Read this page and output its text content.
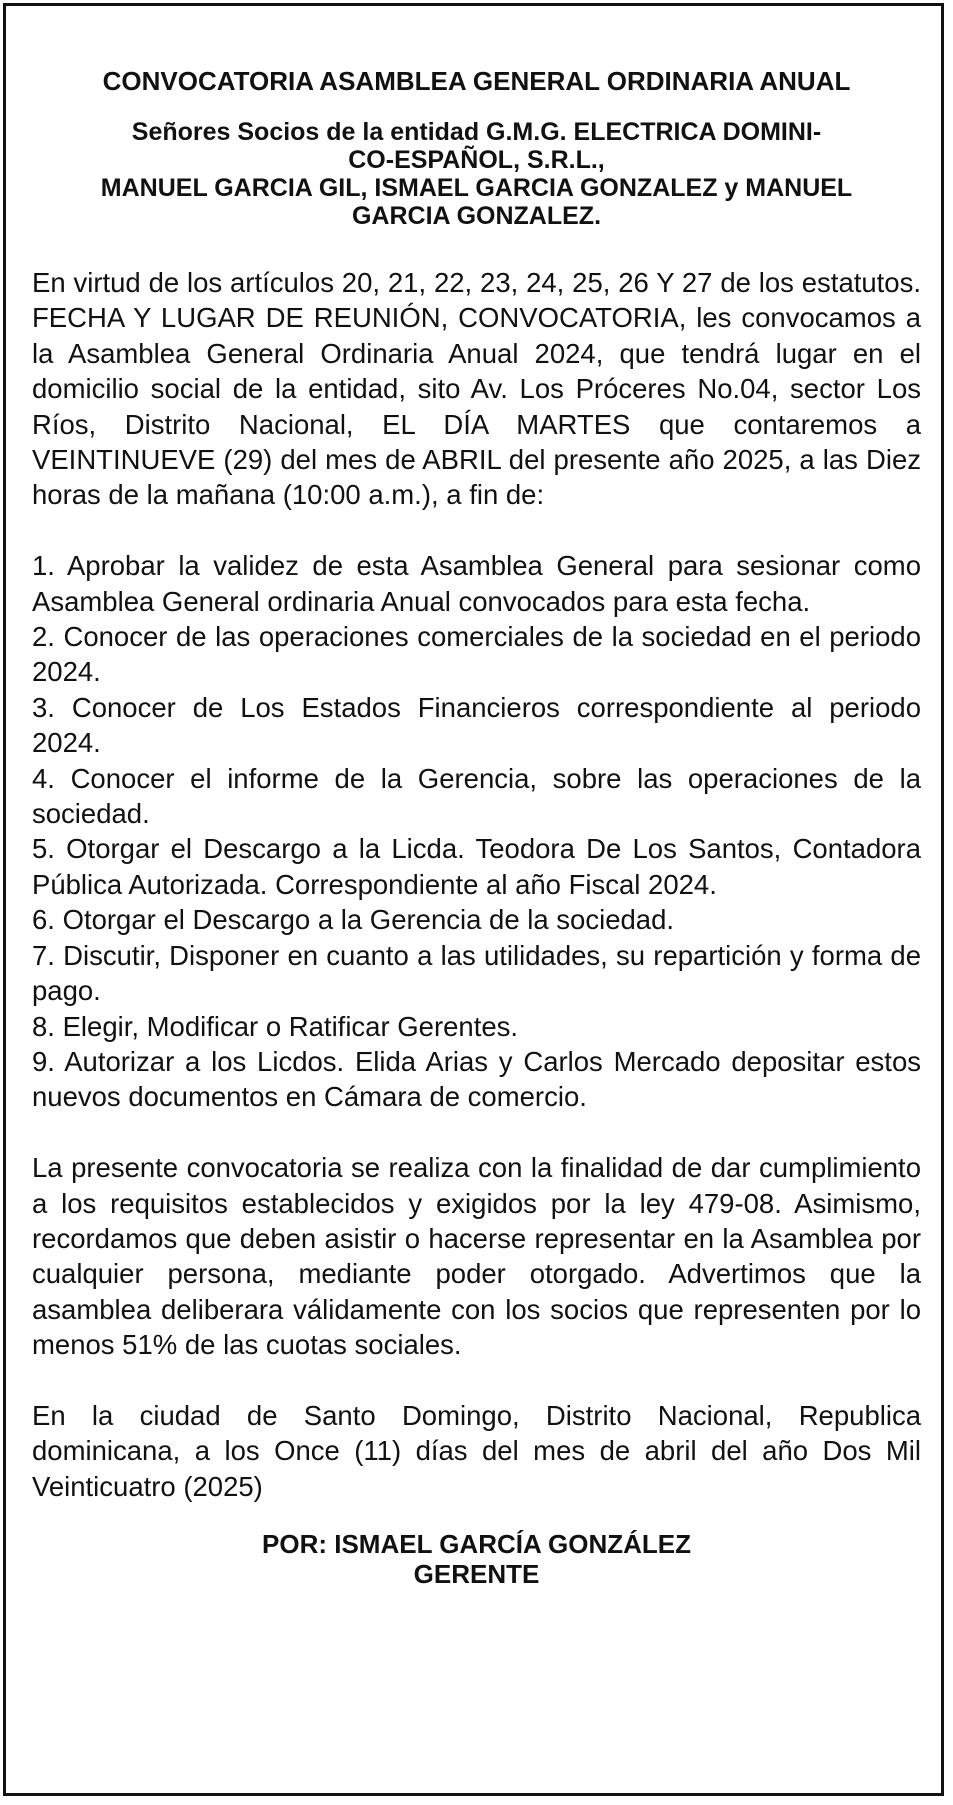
CONVOCATORIA ASAMBLEA GENERAL ORDINARIA ANUAL
Señores Socios de la entidad G.M.G. ELECTRICA DOMINI-
CO-ESPAÑOL, S.R.L.,
MANUEL GARCIA GIL, ISMAEL GARCIA GONZALEZ y MANUEL
GARCIA GONZALEZ.

En virtud de los artículos 20, 21, 22, 23, 24, 25, 26 Y 27 de los estatutos. FECHA Y LUGAR DE REUNIÓN, CONVOCATORIA, les convocamos a la Asamblea General Ordinaria Anual 2024, que tendrá lugar en el domicilio social de la entidad, sito Av. Los Próceres No.04, sector Los Ríos, Distrito Nacional, EL DÍA MARTES que contaremos a VEINTINUEVE (29) del mes de ABRIL del presente año 2025, a las Diez horas de la mañana (10:00 a.m.), a fin de:

1. Aprobar la validez de esta Asamblea General para sesionar como Asamblea General ordinaria Anual convocados para esta fecha.
2. Conocer de las operaciones comerciales de la sociedad en el periodo 2024.
3. Conocer de Los Estados Financieros correspondiente al periodo 2024.
4. Conocer el informe de la Gerencia, sobre las operaciones de la sociedad.
5. Otorgar el Descargo a la Licda. Teodora De Los Santos, Contadora Pública Autorizada. Correspondiente al año Fiscal 2024.
6. Otorgar el Descargo a la Gerencia de la sociedad.
7. Discutir, Disponer en cuanto a las utilidades, su repartición y forma de pago.
8. Elegir, Modificar o Ratificar Gerentes.
9. Autorizar a los Licdos. Elida Arias y Carlos Mercado depositar estos nuevos documentos en Cámara de comercio.

La presente convocatoria se realiza con la finalidad de dar cumplimiento a los requisitos establecidos y exigidos por la ley 479-08. Asimismo, recordamos que deben asistir o hacerse representar en la Asamblea por cualquier persona, mediante poder otorgado. Advertimos que la asamblea deliberara válidamente con los socios que representen por lo menos 51% de las cuotas sociales.

En la ciudad de Santo Domingo, Distrito Nacional, Republica dominicana, a los Once (11) días del mes de abril del año Dos Mil Veinticuatro (2025)

POR: ISMAEL GARCÍA GONZÁLEZ
GERENTE
